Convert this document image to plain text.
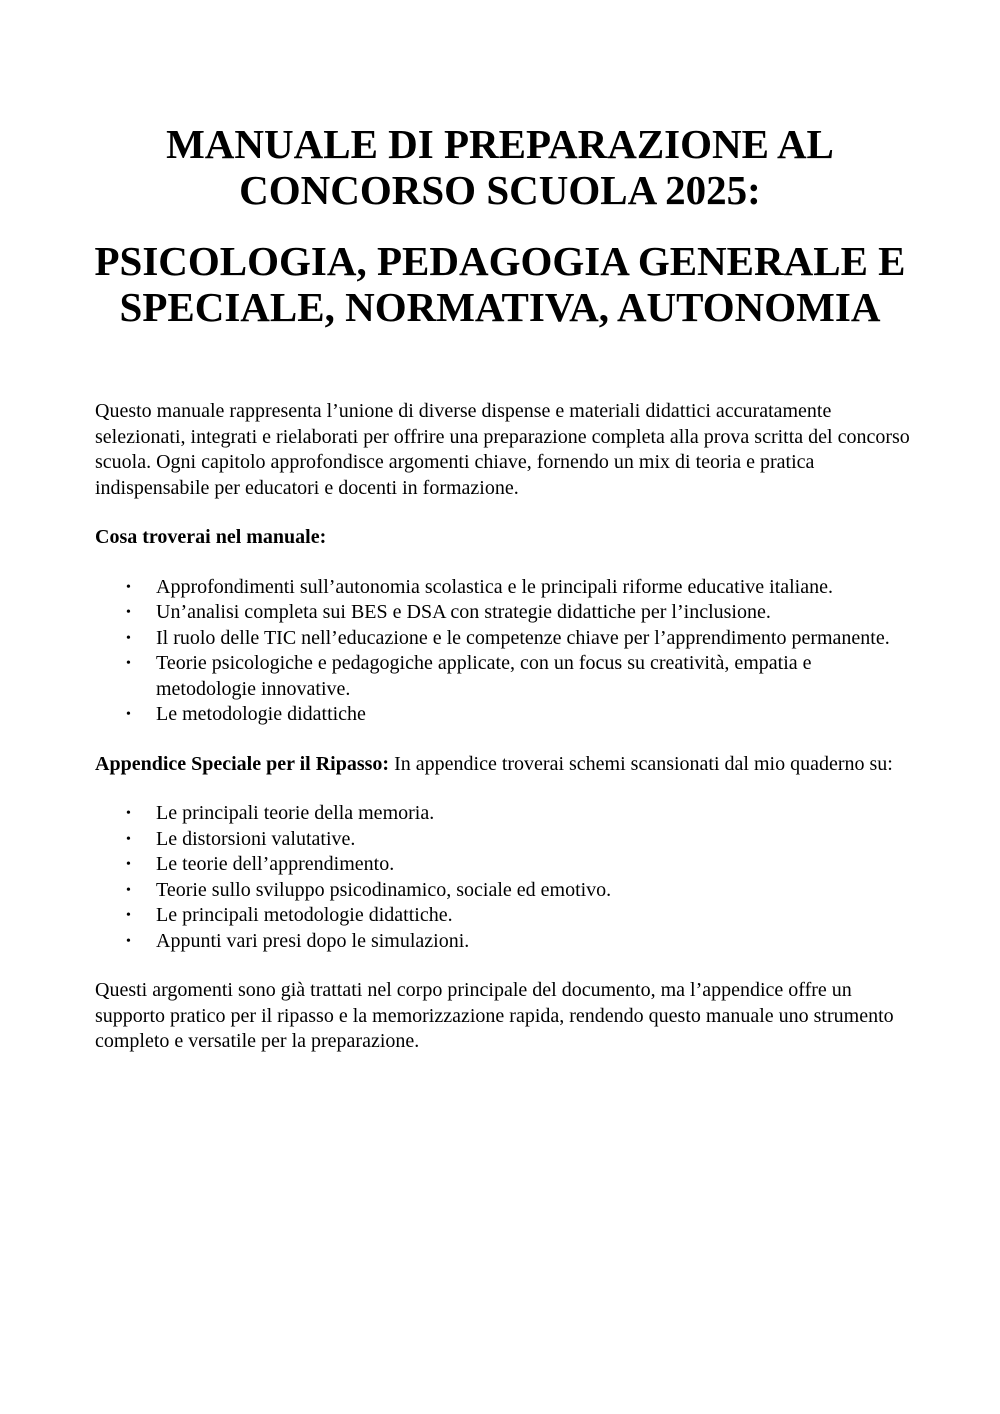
MANUALE DI PREPARAZIONE AL
CONCORSO SCUOLA 2025:
PSICOLOGIA, PEDAGOGIA GENERALE E
SPECIALE, NORMATIVA, AUTONOMIA

Questo manuale rappresenta l’unione di diverse dispense e materiali didattici accuratamente selezionati, integrati e rielaborati per offrire una preparazione completa alla prova scritta del concorso scuola. Ogni capitolo approfondisce argomenti chiave, fornendo un mix di teoria e pratica indispensabile per educatori e docenti in formazione.

Cosa troverai nel manuale:

• Approfondimenti sull’autonomia scolastica e le principali riforme educative italiane.
• Un’analisi completa sui BES e DSA con strategie didattiche per l’inclusione.
• Il ruolo delle TIC nell’educazione e le competenze chiave per l’apprendimento permanente.
• Teorie psicologiche e pedagogiche applicate, con un focus su creatività, empatia e metodologie innovative.
• Le metodologie didattiche

Appendice Speciale per il Ripasso: In appendice troverai schemi scansionati dal mio quaderno su:

• Le principali teorie della memoria.
• Le distorsioni valutative.
• Le teorie dell’apprendimento.
• Teorie sullo sviluppo psicodinamico, sociale ed emotivo.
• Le principali metodologie didattiche.
• Appunti vari presi dopo le simulazioni.

Questi argomenti sono già trattati nel corpo principale del documento, ma l’appendice offre un supporto pratico per il ripasso e la memorizzazione rapida, rendendo questo manuale uno strumento completo e versatile per la preparazione.
